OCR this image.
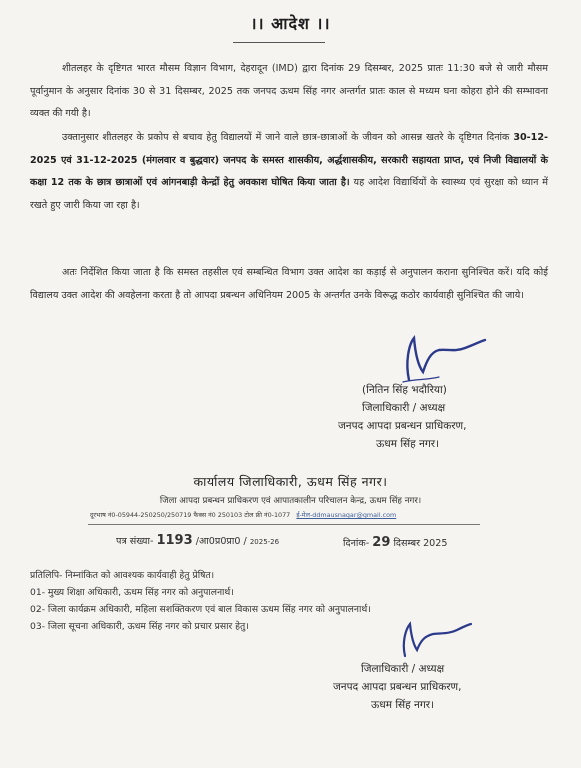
।। आदेश ।।

शीतलहर के दृष्टिगत भारत मौसम विज्ञान विभाग, देहरादून (IMD) द्वारा दिनांक 29 दिसम्बर, 2025 प्रातः 11:30 बजे से जारी मौसम पूर्वानुमान के अनुसार दिनांक 30 से 31 दिसम्बर, 2025 तक जनपद ऊधम सिंह नगर अन्तर्गत प्रातः काल से मध्यम घना कोहरा होने की सम्भावना व्यक्त की गयी है।

उक्तानुसार शीतलहर के प्रकोप से बचाव हेतु विद्यालयों में जाने वाले छात्र-छात्राओं के जीवन को आसन्न खतरे के दृष्टिगत दिनांक 30-12-2025 एवं 31-12-2025 (मंगलवार व बुद्धवार) जनपद के समस्त शासकीय, अर्द्धशासकीय, सरकारी सहायता प्राप्त, एवं निजी विद्यालयों के कक्षा 12 तक के छात्र छात्राओं एवं आंगनबाड़ी केन्द्रों हेतु अवकाश घोषित किया जाता है। यह आदेश विद्यार्थियों के स्वास्थ्य एवं सुरक्षा को ध्यान में रखते हुए जारी किया जा रहा है।

अतः निर्देशित किया जाता है कि समस्त तहसील एवं सम्बन्धित विभाग उक्त आदेश का कड़ाई से अनुपालन कराना सुनिश्चित करें। यदि कोई विद्यालय उक्त आदेश की अवहेलना करता है तो आपदा प्रबन्धन अधिनियम 2005 के अन्तर्गत उनके विरूद्ध कठोर कार्यवाही सुनिश्चित की जाये।

(नितिन सिंह भदौरिया)
जिलाधिकारी / अध्यक्ष
जनपद आपदा प्रबन्धन प्राधिकरण,
ऊधम सिंह नगर।
कार्यालय जिलाधिकारी, ऊधम सिंह नगर।
जिला आपदा प्रबन्धन प्राधिकरण एवं आपातकालीन परिचालन केन्द्र, ऊधम सिंह नगर।
दूरभाष नं0-05944-250250/250719 फैक्स नं0 250103 टोल फ्री नं0-1077 ई-मेल-ddmausnagar@gmail.com
पत्र संख्या- 1193 /आ0प्र0प्रा0 / 2025-26	दिनांक- 29 दिसम्बर 2025
प्रतिलिपि- निम्नांकित को आवश्यक कार्यवाही हेतु प्रेषित।
01- मुख्य शिक्षा अधिकारी, ऊधम सिंह नगर को अनुपालनार्थ।
02- जिला कार्यक्रम अधिकारी, महिला सशक्तिकरण एवं बाल विकास ऊधम सिंह नगर को अनुपालनार्थ।
03- जिला सूचना अधिकारी, ऊधम सिंह नगर को प्रचार प्रसार हेतु।
जिलाधिकारी / अध्यक्ष
जनपद आपदा प्रबन्धन प्राधिकरण,
ऊधम सिंह नगर।
